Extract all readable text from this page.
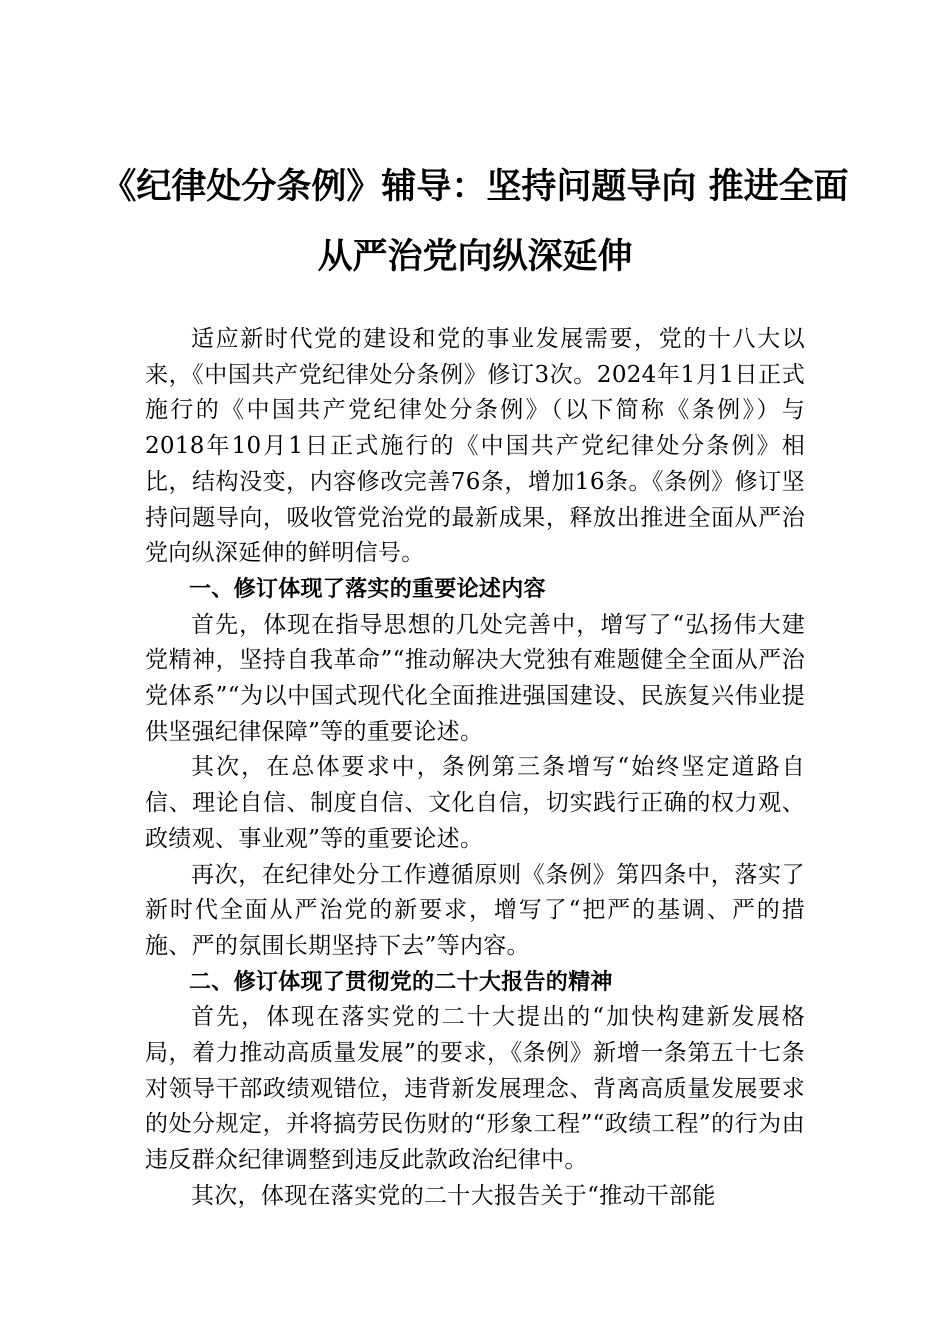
《纪律处分条例》辅导：坚持问题导向 推进全面从严治党向纵深延伸

适应新时代党的建设和党的事业发展需要，党的十八大以来，《中国共产党纪律处分条例》修订3次。2024年1月1日正式施行的《中国共产党纪律处分条例》（以下简称《条例》）与2018年10月1日正式施行的《中国共产党纪律处分条例》相比，结构没变，内容修改完善76条，增加16条。《条例》修订坚持问题导向，吸收管党治党的最新成果，释放出推进全面从严治党向纵深延伸的鲜明信号。

一、修订体现了落实的重要论述内容

首先，体现在指导思想的几处完善中，增写了“弘扬伟大建党精神，坚持自我革命”“推动解决大党独有难题健全全面从严治党体系”“为以中国式现代化全面推进强国建设、民族复兴伟业提供坚强纪律保障”等的重要论述。

其次，在总体要求中，条例第三条增写“始终坚定道路自信、理论自信、制度自信、文化自信，切实践行正确的权力观、政绩观、事业观”等的重要论述。

再次，在纪律处分工作遵循原则《条例》第四条中，落实了新时代全面从严治党的新要求，增写了“把严的基调、严的措施、严的氛围长期坚持下去”等内容。

二、修订体现了贯彻党的二十大报告的精神

首先，体现在落实党的二十大提出的“加快构建新发展格局，着力推动高质量发展”的要求，《条例》新增一条第五十七条对领导干部政绩观错位，违背新发展理念、背离高质量发展要求的处分规定，并将搞劳民伤财的“形象工程”“政绩工程”的行为由违反群众纪律调整到违反此款政治纪律中。

其次，体现在落实党的二十大报告关于“推动干部能
